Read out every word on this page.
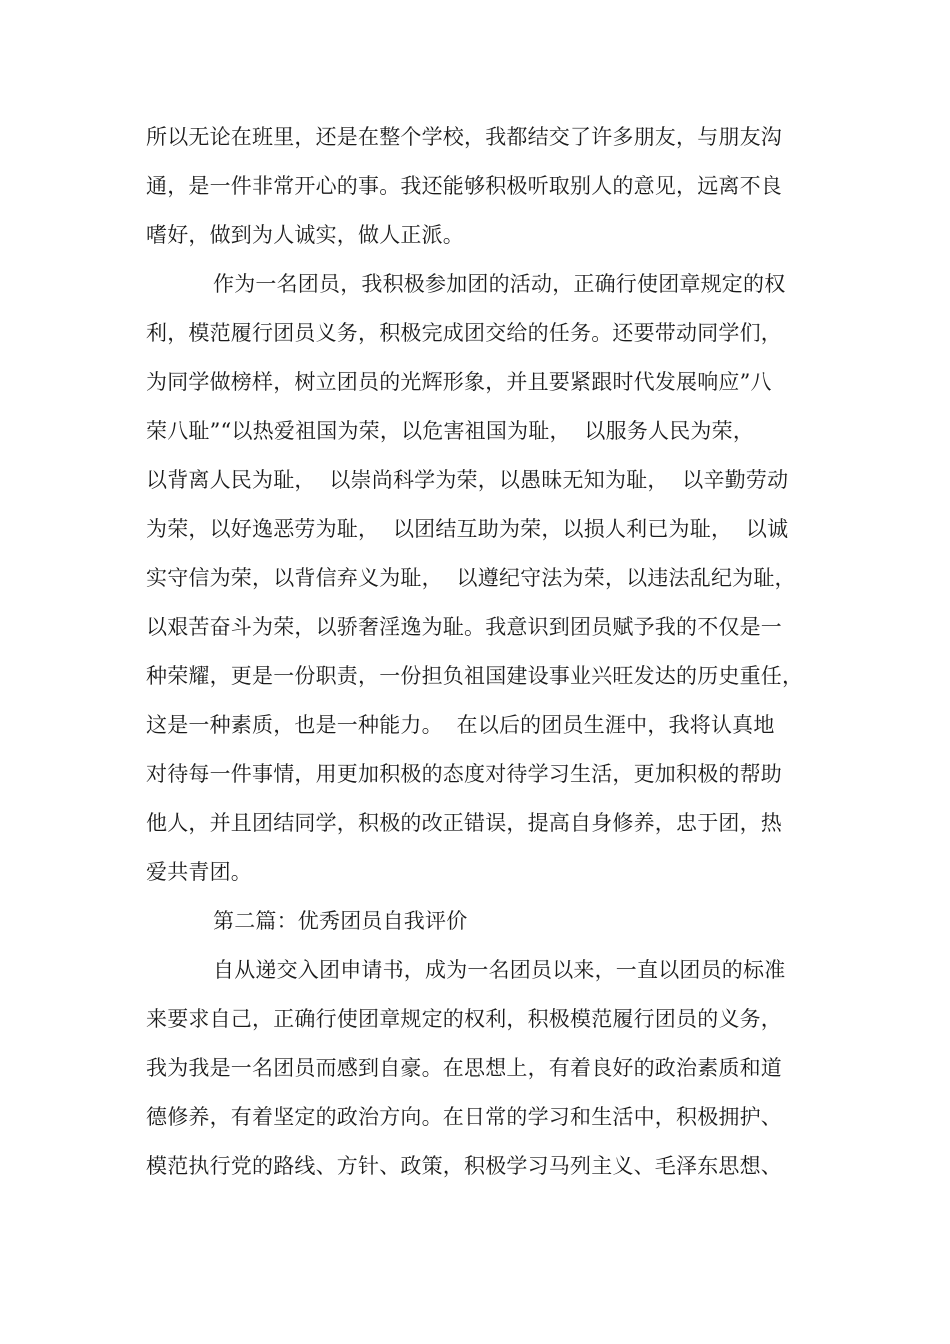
所以无论在班里，还是在整个学校，我都结交了许多朋友，与朋友沟
通，是一件非常开心的事。我还能够积极听取别人的意见，远离不良
嗜好，做到为人诚实，做人正派。
作为一名团员，我积极参加团的活动，正确行使团章规定的权
利，模范履行团员义务，积极完成团交给的任务。还要带动同学们，
为同学做榜样，树立团员的光辉形象，并且要紧跟时代发展响应”八
荣八耻”“以热爱祖国为荣，以危害祖国为耻，  以服务人民为荣，
以背离人民为耻，  以崇尚科学为荣，以愚昧无知为耻，  以辛勤劳动
为荣，以好逸恶劳为耻，  以团结互助为荣，以损人利已为耻，  以诚
实守信为荣，以背信弃义为耻，  以遵纪守法为荣，以违法乱纪为耻，
以艰苦奋斗为荣，以骄奢淫逸为耻。我意识到团员赋予我的不仅是一
种荣耀，更是一份职责，一份担负祖国建设事业兴旺发达的历史重任，
这是一种素质，也是一种能力。  在以后的团员生涯中，我将认真地
对待每一件事情，用更加积极的态度对待学习生活，更加积极的帮助
他人，并且团结同学，积极的改正错误，提高自身修养，忠于团，热
爱共青团。
第二篇：优秀团员自我评价
自从递交入团申请书，成为一名团员以来，一直以团员的标准
来要求自己，正确行使团章规定的权利，积极模范履行团员的义务，
我为我是一名团员而感到自豪。在思想上，有着良好的政治素质和道
德修养，有着坚定的政治方向。在日常的学习和生活中，积极拥护、
模范执行党的路线、方针、政策，积极学习马列主义、毛泽东思想、
